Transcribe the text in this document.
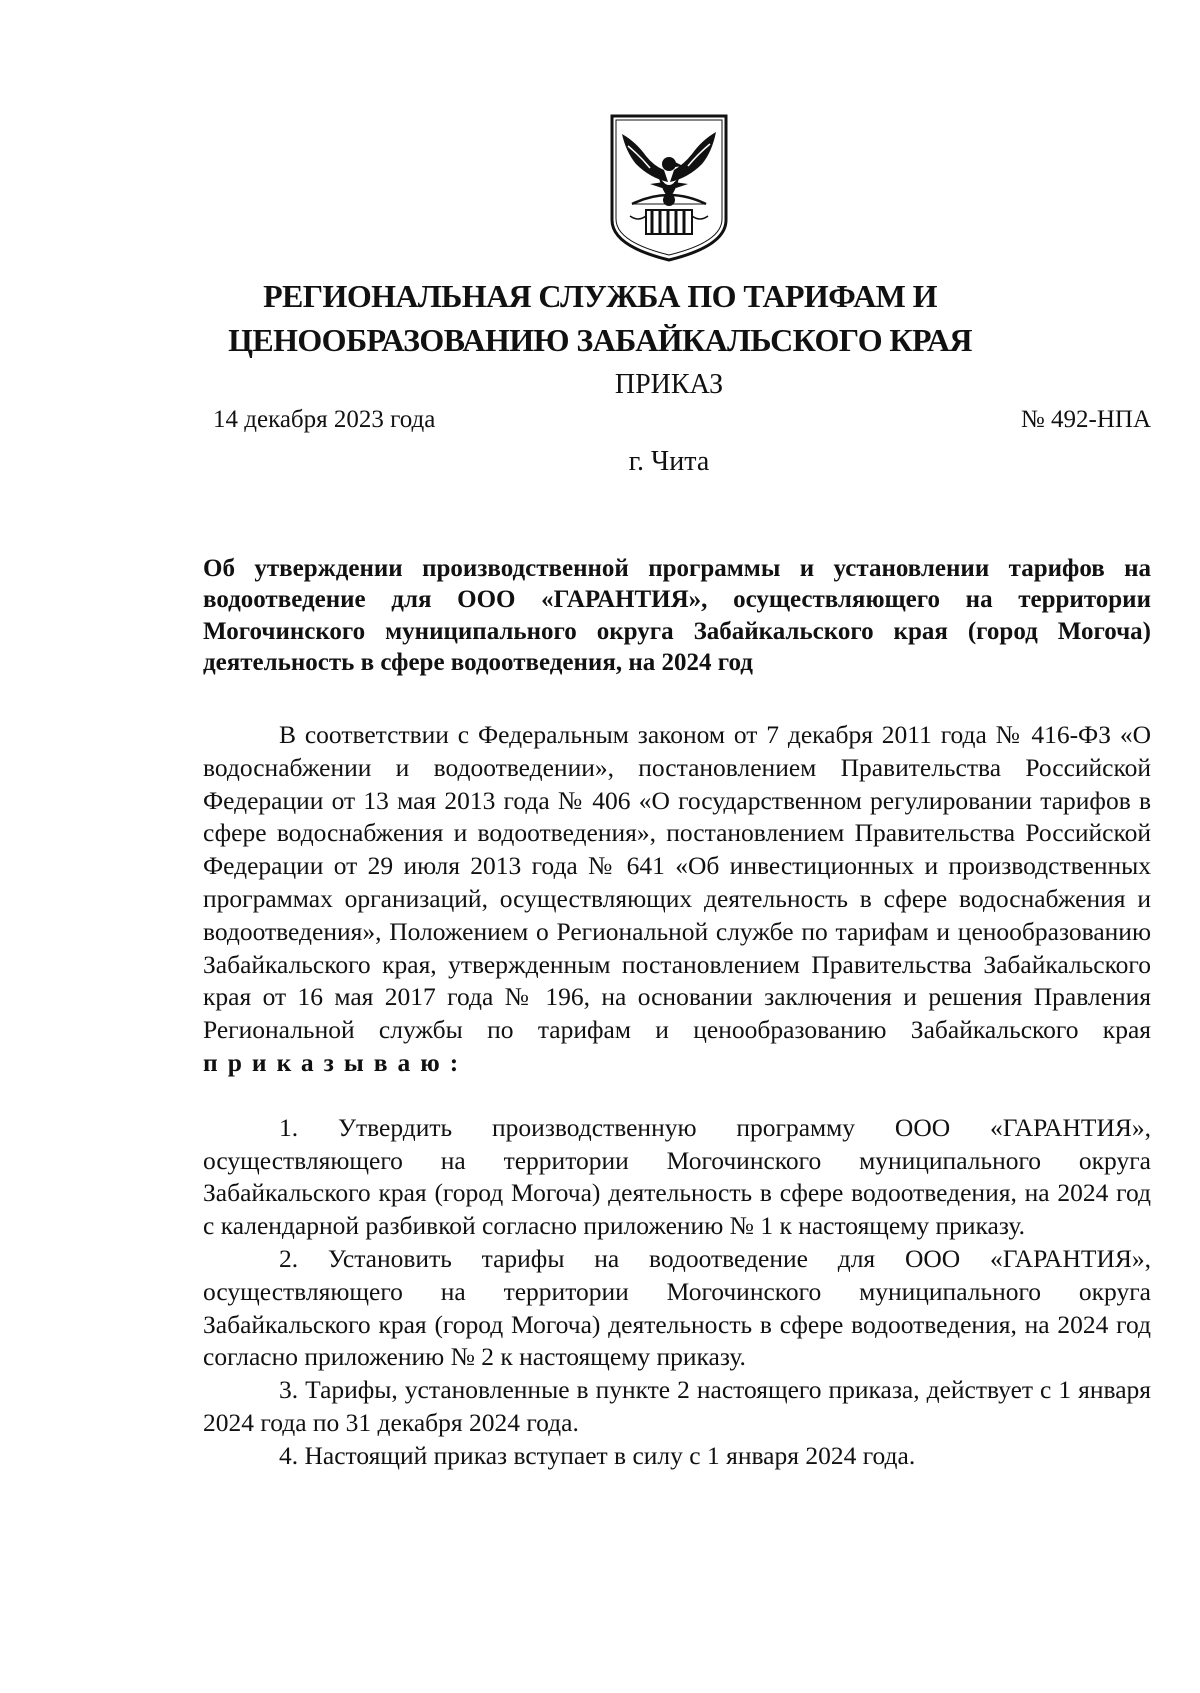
РЕГИОНАЛЬНАЯ СЛУЖБА ПО ТАРИФАМ И
ЦЕНООБРАЗОВАНИЮ ЗАБАЙКАЛЬСКОГО КРАЯ
ПРИКАЗ
14 декабря 2023 года	№ 492-НПА
г. Чита

Об утверждении производственной программы и установлении тарифов на водоотведение для ООО «ГАРАНТИЯ», осуществляющего на территории Могочинского муниципального округа Забайкальского края (город Могоча) деятельность в сфере водоотведения, на 2024 год

В соответствии с Федеральным законом от 7 декабря 2011 года № 416-ФЗ «О водоснабжении и водоотведении», постановлением Правительства Российской Федерации от 13 мая 2013 года № 406 «О государственном регулировании тарифов в сфере водоснабжения и водоотведения», постановлением Правительства Российской Федерации от 29 июля 2013 года № 641 «Об инвестиционных и производственных программах организаций, осуществляющих деятельность в сфере водоснабжения и водоотведения», Положением о Региональной службе по тарифам и ценообразованию Забайкальского края, утвержденным постановлением Правительства Забайкальского края от 16 мая 2017 года № 196, на основании заключения и решения Правления Региональной службы по тарифам и ценообразованию Забайкальского края приказываю:

1. Утвердить производственную программу ООО «ГАРАНТИЯ», осуществляющего на территории Могочинского муниципального округа Забайкальского края (город Могоча) деятельность в сфере водоотведения, на 2024 год с календарной разбивкой согласно приложению № 1 к настоящему приказу.

2. Установить тарифы на водоотведение для ООО «ГАРАНТИЯ», осуществляющего на территории Могочинского муниципального округа Забайкальского края (город Могоча) деятельность в сфере водоотведения, на 2024 год согласно приложению № 2 к настоящему приказу.

3. Тарифы, установленные в пункте 2 настоящего приказа, действует с 1 января 2024 года по 31 декабря 2024 года.

4. Настоящий приказ вступает в силу с 1 января 2024 года.
